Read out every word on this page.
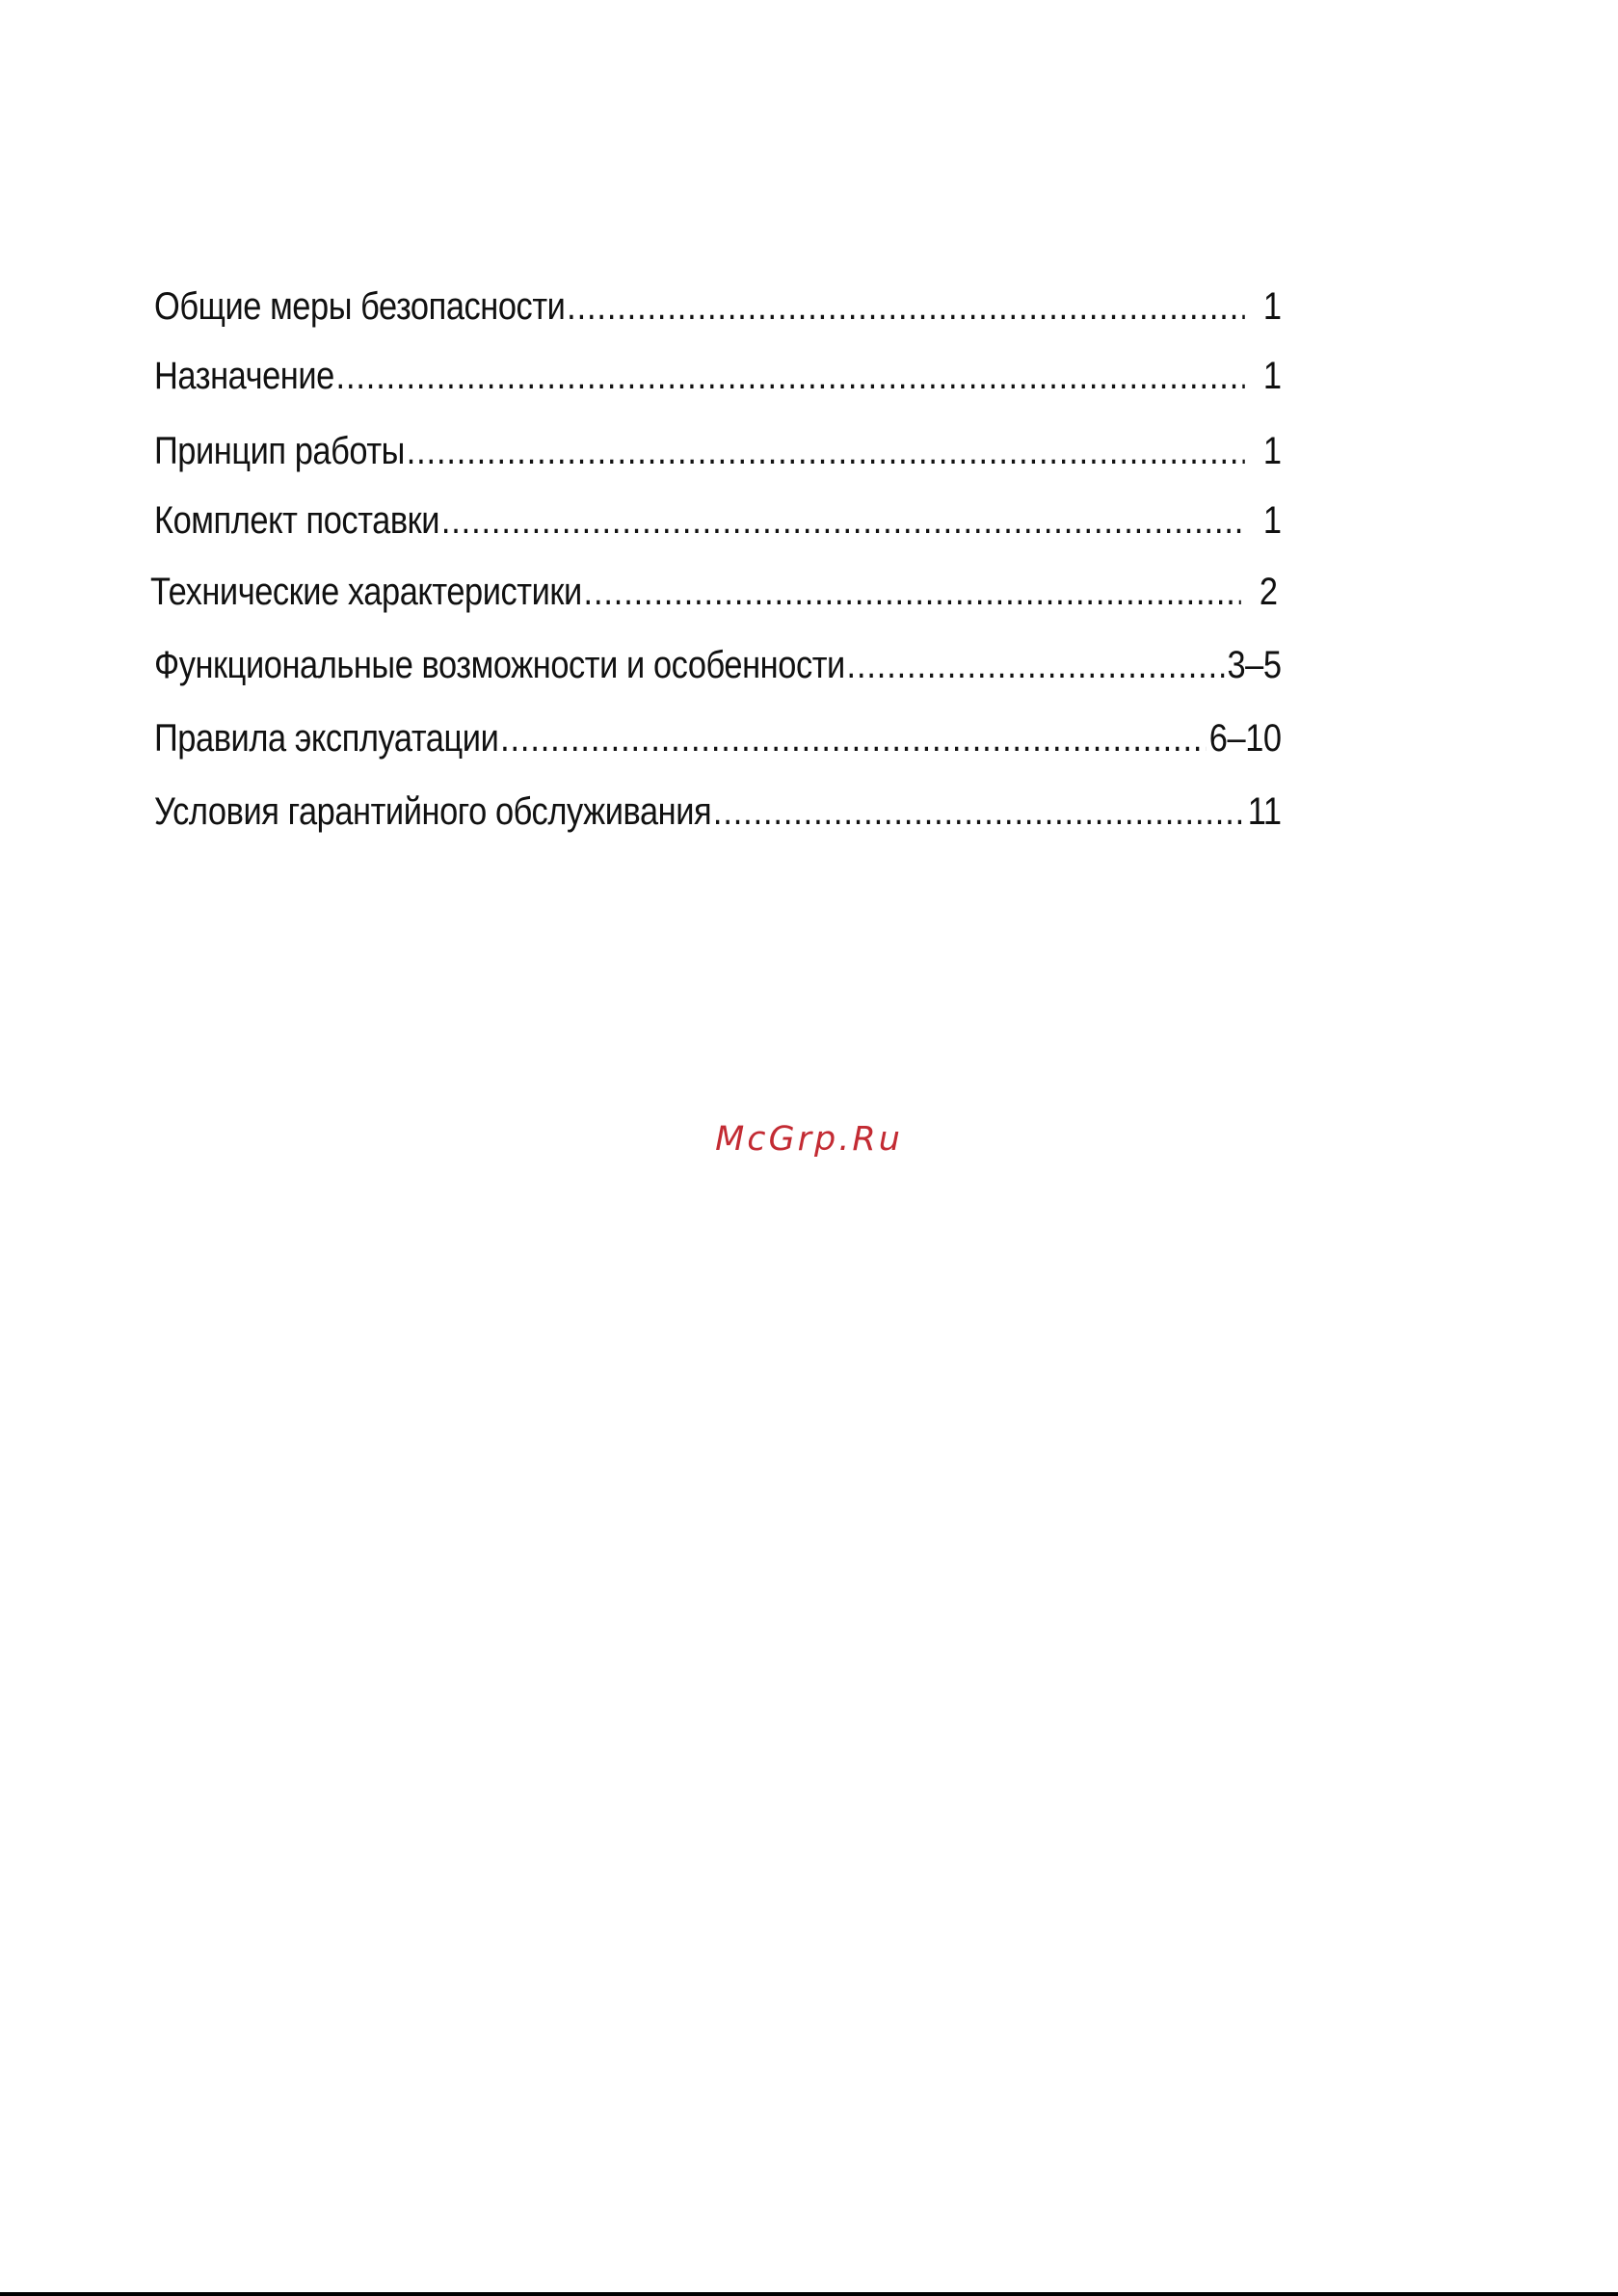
Общие меры безопасности .....	1
Назначение .....	1
Принцип работы .....	1
Комплект поставки .....	1
Технические характеристики .....	2
Функциональные возможности и особенности .....	3–5
Правила эксплуатации .....	6–10
Условия гарантийного обслуживания .....	11
McGrp.Ru
